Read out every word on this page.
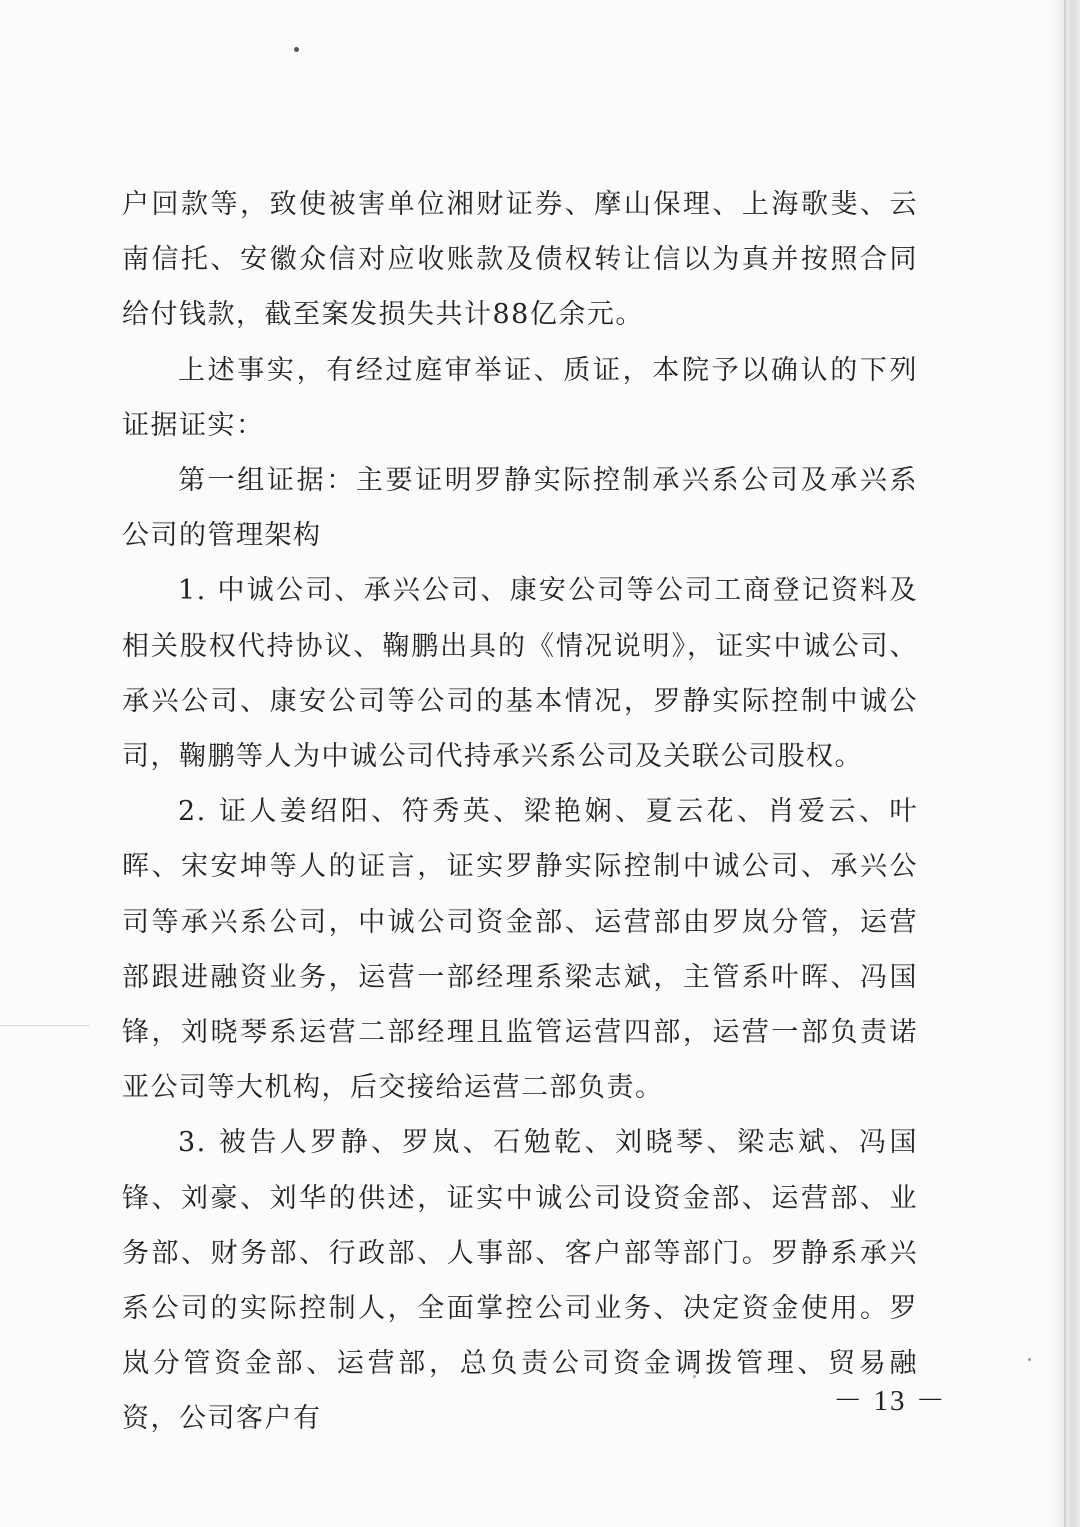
户回款等，致使被害单位湘财证券、摩山保理、上海歌斐、云南信托、安徽众信对应收账款及债权转让信以为真并按照合同给付钱款，截至案发损失共计88亿余元。

上述事实，有经过庭审举证、质证，本院予以确认的下列证据证实：

第一组证据：主要证明罗静实际控制承兴系公司及承兴系公司的管理架构

1. 中诚公司、承兴公司、康安公司等公司工商登记资料及相关股权代持协议、鞠鹏出具的《情况说明》，证实中诚公司、承兴公司、康安公司等公司的基本情况，罗静实际控制中诚公司，鞠鹏等人为中诚公司代持承兴系公司及关联公司股权。

2. 证人姜绍阳、符秀英、梁艳娴、夏云花、肖爱云、叶晖、宋安坤等人的证言，证实罗静实际控制中诚公司、承兴公司等承兴系公司，中诚公司资金部、运营部由罗岚分管，运营部跟进融资业务，运营一部经理系梁志斌，主管系叶晖、冯国锋，刘晓琴系运营二部经理且监管运营四部，运营一部负责诺亚公司等大机构，后交接给运营二部负责。

3. 被告人罗静、罗岚、石勉乾、刘晓琴、梁志斌、冯国锋、刘豪、刘华的供述，证实中诚公司设资金部、运营部、业务部、财务部、行政部、人事部、客户部等部门。罗静系承兴系公司的实际控制人，全面掌控公司业务、决定资金使用。罗岚分管资金部、运营部，总负责公司资金调拨管理、贸易融资，公司客户有

－ 13 －
